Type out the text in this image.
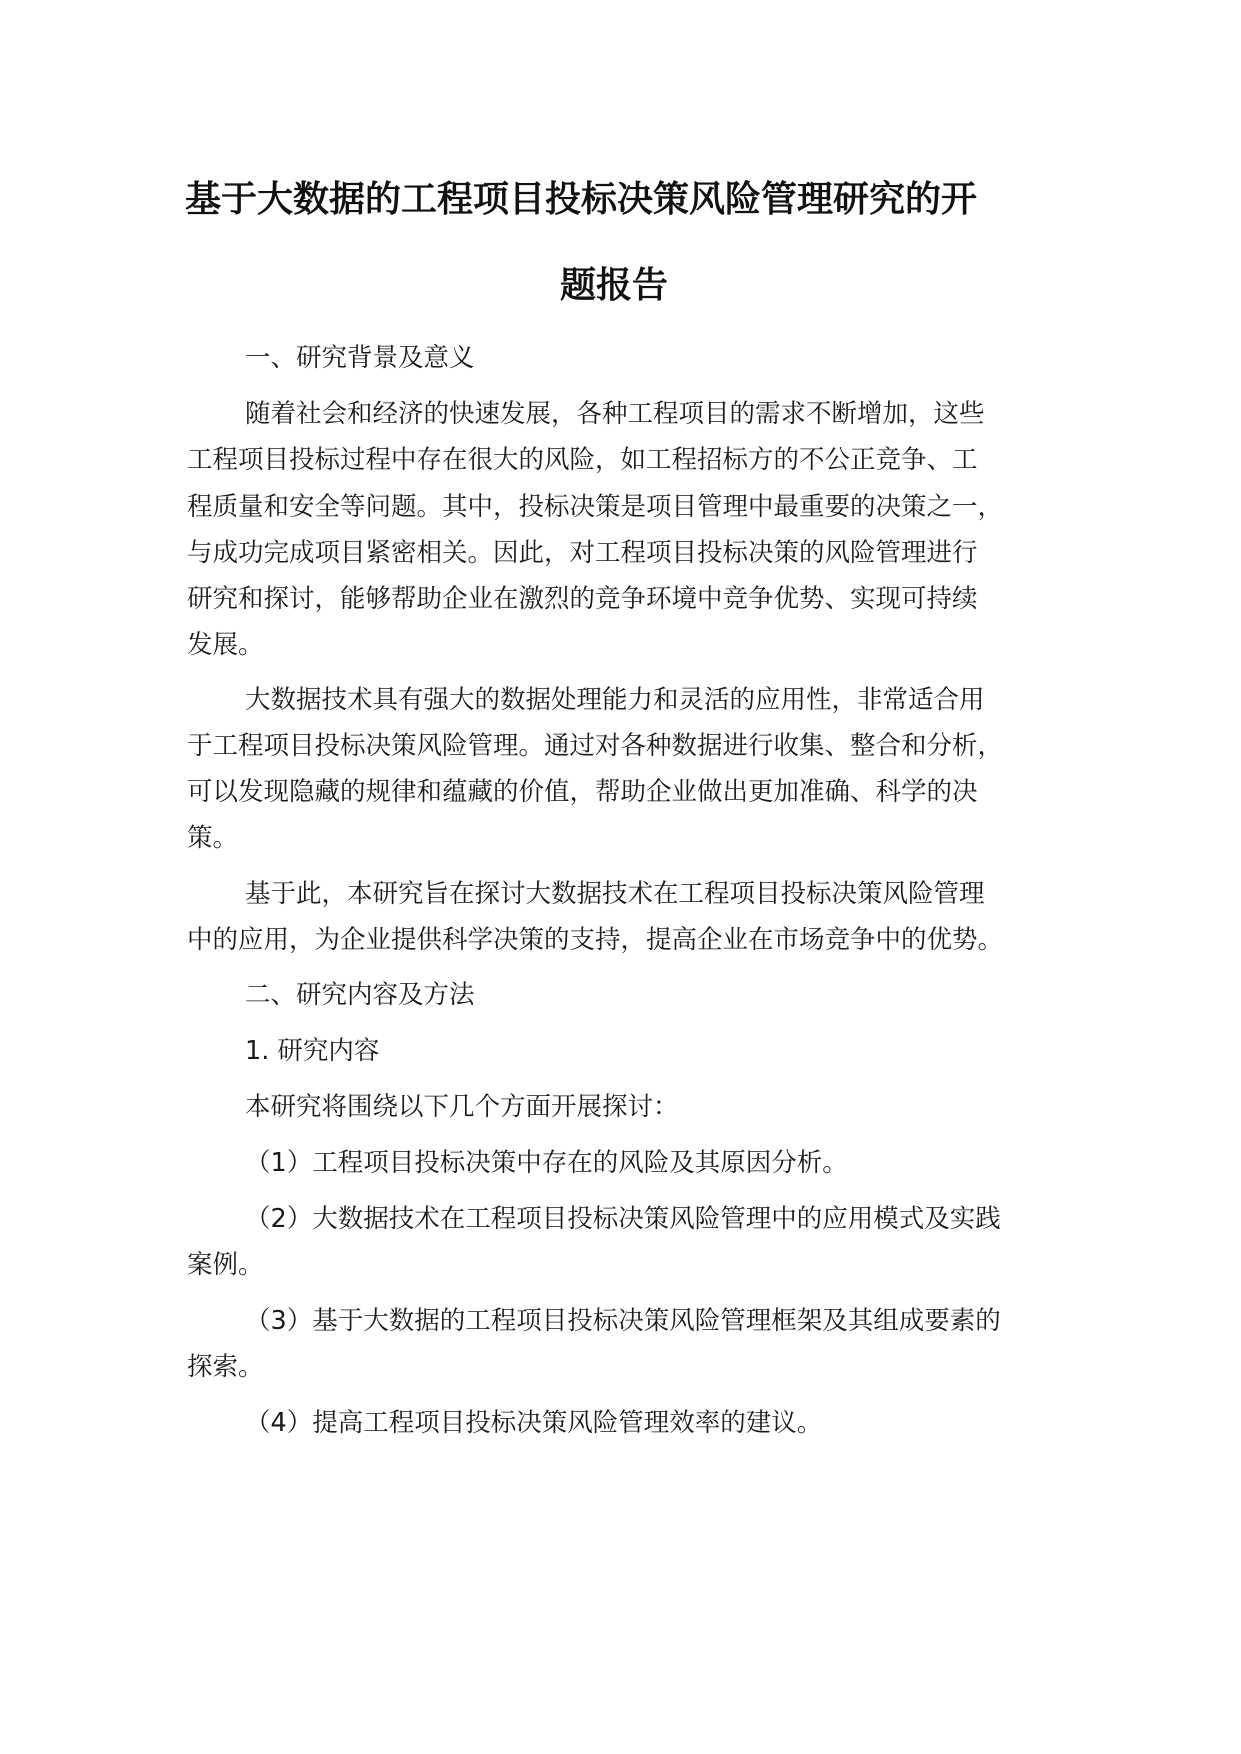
基于大数据的工程项目投标决策风险管理研究的开
题报告
一、研究背景及意义
随着社会和经济的快速发展，各种工程项目的需求不断增加，这些
工程项目投标过程中存在很大的风险，如工程招标方的不公正竞争、工
程质量和安全等问题。其中，投标决策是项目管理中最重要的决策之一，
与成功完成项目紧密相关。因此，对工程项目投标决策的风险管理进行
研究和探讨，能够帮助企业在激烈的竞争环境中竞争优势、实现可持续
发展。
大数据技术具有强大的数据处理能力和灵活的应用性，非常适合用
于工程项目投标决策风险管理。通过对各种数据进行收集、整合和分析，
可以发现隐藏的规律和蕴藏的价值，帮助企业做出更加准确、科学的决
策。
基于此，本研究旨在探讨大数据技术在工程项目投标决策风险管理
中的应用，为企业提供科学决策的支持，提高企业在市场竞争中的优势。
二、研究内容及方法
1. 研究内容
本研究将围绕以下几个方面开展探讨：
（1）工程项目投标决策中存在的风险及其原因分析。
（2）大数据技术在工程项目投标决策风险管理中的应用模式及实践
案例。
（3）基于大数据的工程项目投标决策风险管理框架及其组成要素的
探索。
（4）提高工程项目投标决策风险管理效率的建议。
